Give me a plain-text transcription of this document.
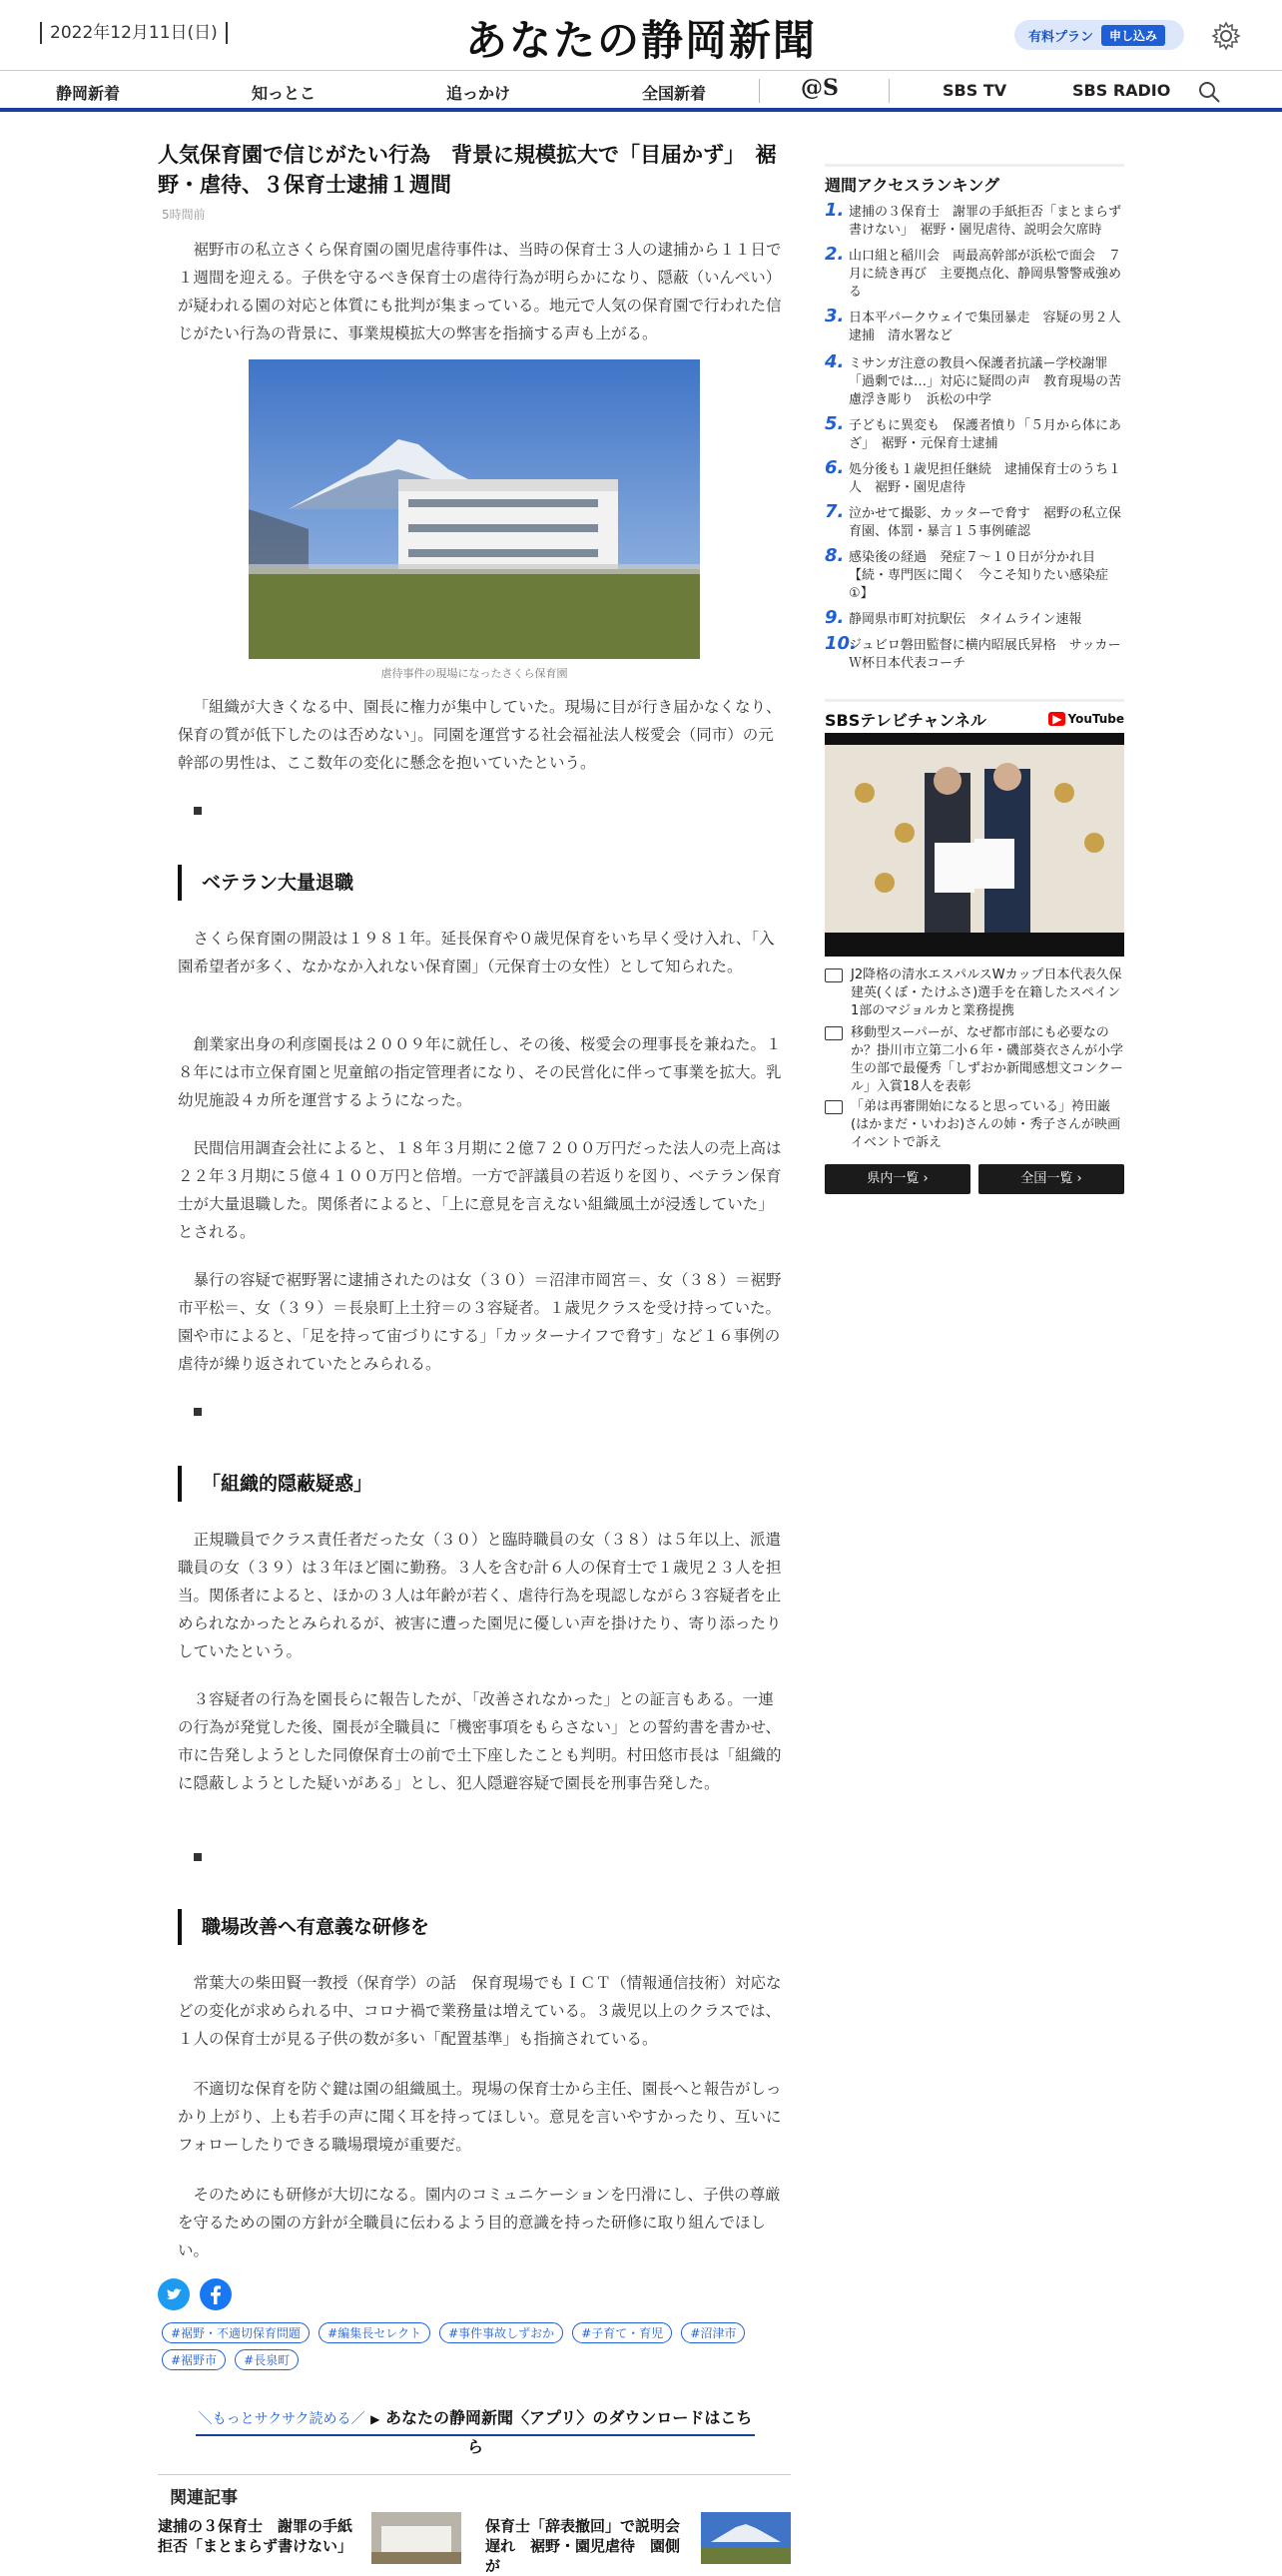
2022年12月11日(日)	あなたの静岡新聞	有料プラン	申し込み
静岡新着	知っとこ	追っかけ	全国新着	@S	SBS TV	SBS RADIO
人気保育園で信じがたい行為　背景に規模拡大で「目届かず」　裾野・虐待、３保育士逮捕１週間
5時間前
裾野市の私立さくら保育園の園児虐待事件は、当時の保育士３人の逮捕から１１日で１週間を迎える。子供を守るべき保育士の虐待行為が明らかになり、隠蔽（いんぺい）が疑われる園の対応と体質にも批判が集まっている。地元で人気の保育園で行われた信じがたい行為の背景に、事業規模拡大の弊害を指摘する声も上がる。
虐待事件の現場になったさくら保育園
「組織が大きくなる中、園長に権力が集中していた。現場に目が行き届かなくなり、保育の質が低下したのは否めない」。同園を運営する社会福祉法人桜愛会（同市）の元幹部の男性は、ここ数年の変化に懸念を抱いていたという。
ベテラン大量退職
さくら保育園の開設は１９８１年。延長保育や０歳児保育をいち早く受け入れ、「入園希望者が多く、なかなか入れない保育園」（元保育士の女性）として知られた。
創業家出身の利彦園長は２００９年に就任し、その後、桜愛会の理事長を兼ねた。１８年には市立保育園と児童館の指定管理者になり、その民営化に伴って事業を拡大。乳幼児施設４カ所を運営するようになった。
民間信用調査会社によると、１８年３月期に２億７２００万円だった法人の売上高は２２年３月期に５億４１００万円と倍増。一方で評議員の若返りを図り、ベテラン保育士が大量退職した。関係者によると、「上に意見を言えない組織風土が浸透していた」とされる。
暴行の容疑で裾野署に逮捕されたのは女（３０）＝沼津市岡宮＝、女（３８）＝裾野市平松＝、女（３９）＝長泉町上土狩＝の３容疑者。１歳児クラスを受け持っていた。園や市によると、「足を持って宙づりにする」「カッターナイフで脅す」など１６事例の虐待が繰り返されていたとみられる。
「組織的隠蔽疑惑」
正規職員でクラス責任者だった女（３０）と臨時職員の女（３８）は５年以上、派遣職員の女（３９）は３年ほど園に勤務。３人を含む計６人の保育士で１歳児２３人を担当。関係者によると、ほかの３人は年齢が若く、虐待行為を現認しながら３容疑者を止められなかったとみられるが、被害に遭った園児に優しい声を掛けたり、寄り添ったりしていたという。
３容疑者の行為を園長らに報告したが、「改善されなかった」との証言もある。一連の行為が発覚した後、園長が全職員に「機密事項をもらさない」との誓約書を書かせ、市に告発しようとした同僚保育士の前で土下座したことも判明。村田悠市長は「組織的に隠蔽しようとした疑いがある」とし、犯人隠避容疑で園長を刑事告発した。
職場改善へ有意義な研修を
常葉大の柴田賢一教授（保育学）の話　保育現場でもＩＣＴ（情報通信技術）対応などの変化が求められる中、コロナ禍で業務量は増えている。３歳児以上のクラスでは、１人の保育士が見る子供の数が多い「配置基準」も指摘されている。
不適切な保育を防ぐ鍵は園の組織風土。現場の保育士から主任、園長へと報告がしっかり上がり、上も若手の声に聞く耳を持ってほしい。意見を言いやすかったり、互いにフォローしたりできる職場環境が重要だ。
そのためにも研修が大切になる。園内のコミュニケーションを円滑にし、子供の尊厳を守るための園の方針が全職員に伝わるよう目的意識を持った研修に取り組んでほしい。
#裾野・不適切保育問題 #編集長セレクト #事件事故しずおか #子育て・育児 #沼津市 #裾野市 #長泉町
＼もっとサクサク読める／ ▶ あなたの静岡新聞〈アプリ〉のダウンロードはこちら
関連記事
逮捕の３保育士　謝罪の手紙拒否「まとまらず書けない」
保育士「辞表撤回」で説明会遅れ　裾野・園児虐待　園側が
週間アクセスランキング
1. 逮捕の３保育士　謝罪の手紙拒否「まとまらず書けない」　裾野・園児虐待、説明会欠席時
2. 山口組と稲川会　両最高幹部が浜松で面会　７月に続き再び　主要拠点化、静岡県警警戒強める
3. 日本平パークウェイで集団暴走　容疑の男２人逮捕　清水署など
4. ミサンガ注意の教員へ保護者抗議ー学校謝罪「過剰では…」対応に疑問の声　教育現場の苦慮浮き彫り　浜松の中学
5. 子どもに異変も　保護者憤り「５月から体にあざ」　裾野・元保育士逮捕
6. 処分後も１歳児担任継続　逮捕保育士のうち１人　裾野・園児虐待
7. 泣かせて撮影、カッターで脅す　裾野の私立保育園、体罰・暴言１５事例確認
8. 感染後の経過　発症７～１０日が分かれ目【続・専門医に聞く　今こそ知りたい感染症①】
9. 静岡県市町対抗駅伝　タイムライン速報
10.
ジュビロ磐田監督に横内昭展氏昇格　サッカーＷ杯日本代表コーチ
SBSテレビチャンネル	▶ YouTube
J2降格の清水エスパルスWカップ日本代表久保建英(くぼ・たけふさ)選手を在籍したスペイン1部のマジョルカと業務提携
移動型スーパーが、なぜ都市部にも必要なのか？掛川市立第二小６年・磯部葵衣さんが小学生の部で最優秀「しずおか新聞感想文コンクール」入賞18人を表彰
「弟は再審開始になると思っている」袴田巌(はかまだ・いわお)さんの姉・秀子さんが映画イベントで訴え
県内一覧 ›	全国一覧 ›
